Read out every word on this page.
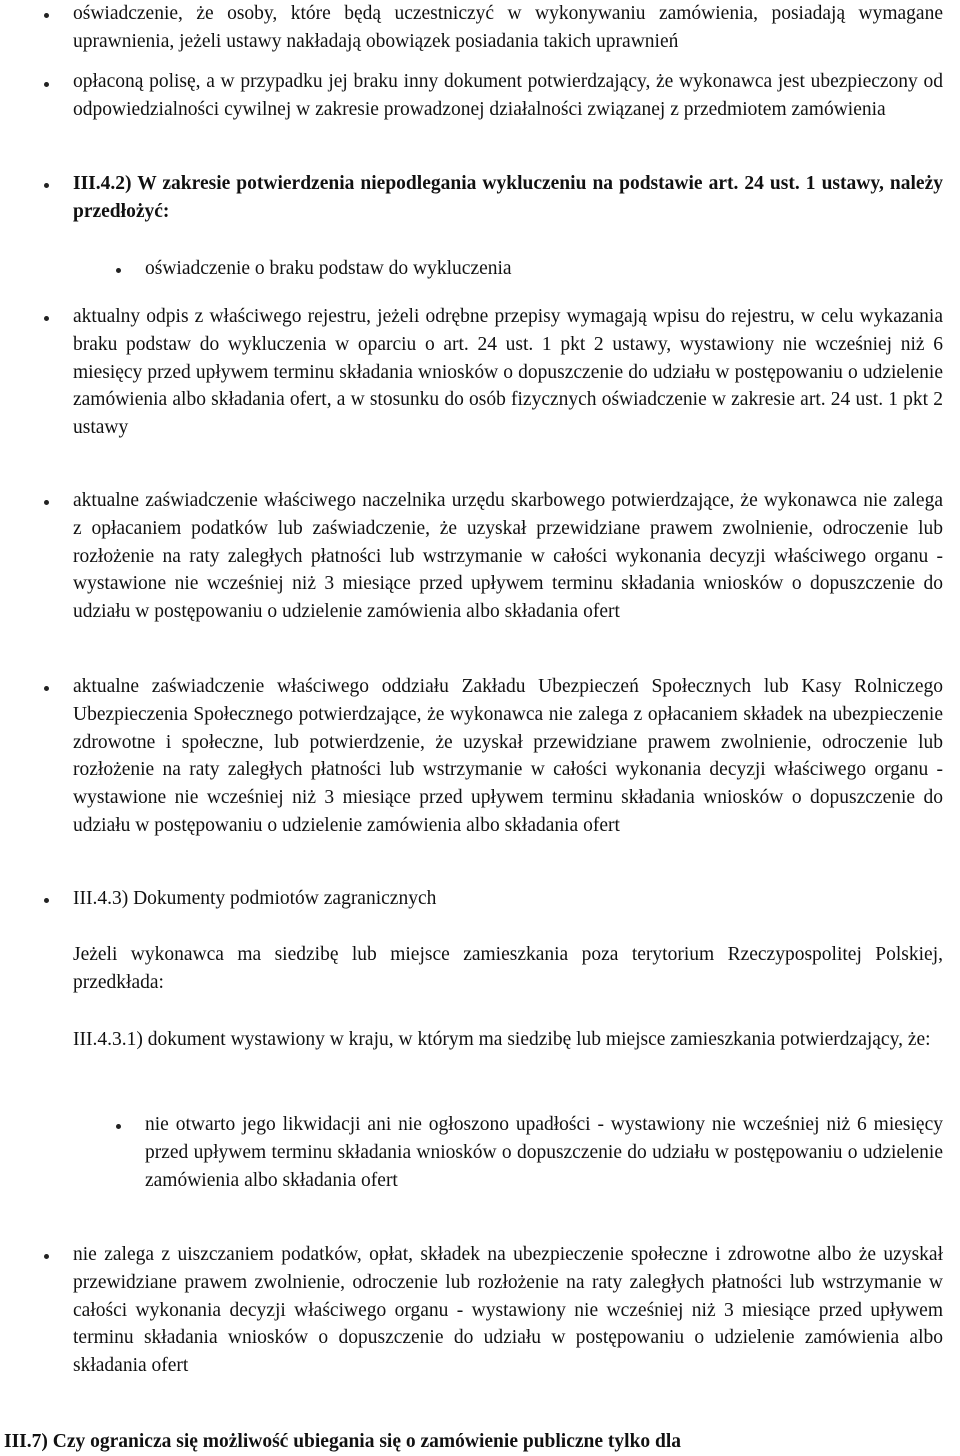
oświadczenie, że osoby, które będą uczestniczyć w wykonywaniu zamówienia, posiadają wymagane uprawnienia, jeżeli ustawy nakładają obowiązek posiadania takich uprawnień
opłaconą polisę, a w przypadku jej braku inny dokument potwierdzający, że wykonawca jest ubezpieczony od odpowiedzialności cywilnej w zakresie prowadzonej działalności związanej z przedmiotem zamówienia
III.4.2) W zakresie potwierdzenia niepodlegania wykluczeniu na podstawie art. 24 ust. 1 ustawy, należy przedłożyć:
oświadczenie o braku podstaw do wykluczenia
aktualny odpis z właściwego rejestru, jeżeli odrębne przepisy wymagają wpisu do rejestru, w celu wykazania braku podstaw do wykluczenia w oparciu o art. 24 ust. 1 pkt 2 ustawy, wystawiony nie wcześniej niż 6 miesięcy przed upływem terminu składania wniosków o dopuszczenie do udziału w postępowaniu o udzielenie zamówienia albo składania ofert, a w stosunku do osób fizycznych oświadczenie w zakresie art. 24 ust. 1 pkt 2 ustawy
aktualne zaświadczenie właściwego naczelnika urzędu skarbowego potwierdzające, że wykonawca nie zalega z opłacaniem podatków lub zaświadczenie, że uzyskał przewidziane prawem zwolnienie, odroczenie lub rozłożenie na raty zaległych płatności lub wstrzymanie w całości wykonania decyzji właściwego organu - wystawione nie wcześniej niż 3 miesiące przed upływem terminu składania wniosków o dopuszczenie do udziału w postępowaniu o udzielenie zamówienia albo składania ofert
aktualne zaświadczenie właściwego oddziału Zakładu Ubezpieczeń Społecznych lub Kasy Rolniczego Ubezpieczenia Społecznego potwierdzające, że wykonawca nie zalega z opłacaniem składek na ubezpieczenie zdrowotne i społeczne, lub potwierdzenie, że uzyskał przewidziane prawem zwolnienie, odroczenie lub rozłożenie na raty zaległych płatności lub wstrzymanie w całości wykonania decyzji właściwego organu - wystawione nie wcześniej niż 3 miesiące przed upływem terminu składania wniosków o dopuszczenie do udziału w postępowaniu o udzielenie zamówienia albo składania ofert
III.4.3) Dokumenty podmiotów zagranicznych
Jeżeli wykonawca ma siedzibę lub miejsce zamieszkania poza terytorium Rzeczypospolitej Polskiej, przedkłada:
III.4.3.1) dokument wystawiony w kraju, w którym ma siedzibę lub miejsce zamieszkania potwierdzający, że:
nie otwarto jego likwidacji ani nie ogłoszono upadłości - wystawiony nie wcześniej niż 6 miesięcy przed upływem terminu składania wniosków o dopuszczenie do udziału w postępowaniu o udzielenie zamówienia albo składania ofert
nie zalega z uiszczaniem podatków, opłat, składek na ubezpieczenie społeczne i zdrowotne albo że uzyskał przewidziane prawem zwolnienie, odroczenie lub rozłożenie na raty zaległych płatności lub wstrzymanie w całości wykonania decyzji właściwego organu - wystawiony nie wcześniej niż 3 miesiące przed upływem terminu składania wniosków o dopuszczenie do udziału w postępowaniu o udzielenie zamówienia albo składania ofert
III.7) Czy ogranicza się możliwość ubiegania się o zamówienie publiczne tylko dla
